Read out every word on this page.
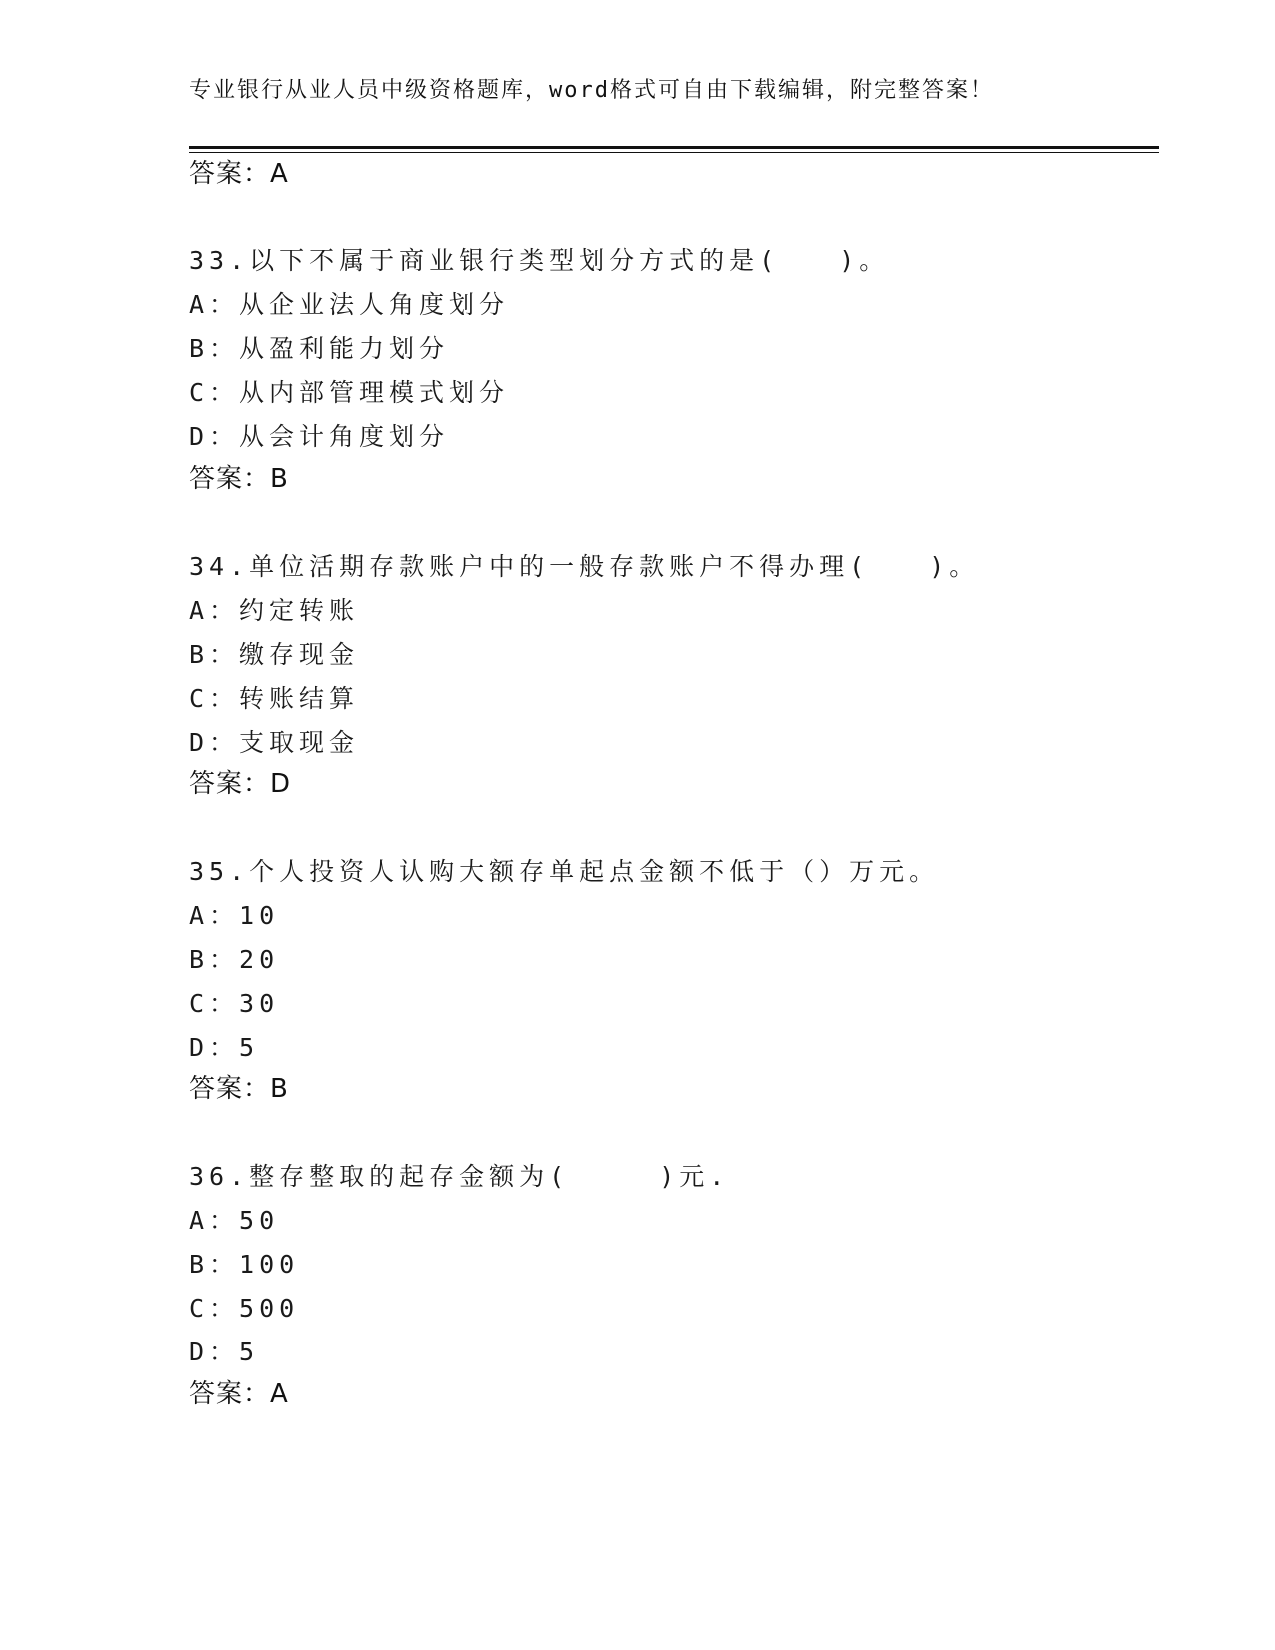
专业银行从业人员中级资格题库，word格式可自由下载编辑，附完整答案！
答案：A
33.以下不属于商业银行类型划分方式的是(　　)。
A：从企业法人角度划分
B：从盈利能力划分
C：从内部管理模式划分
D：从会计角度划分
答案：B
34.单位活期存款账户中的一般存款账户不得办理(　　)。
A：约定转账
B：缴存现金
C：转账结算
D：支取现金
答案：D
35.个人投资人认购大额存单起点金额不低于（）万元。
A：10
B：20
C：30
D：5
答案：B
36.整存整取的起存金额为(　　　)元.
A：50
B：100
C：500
D：5
答案：A
